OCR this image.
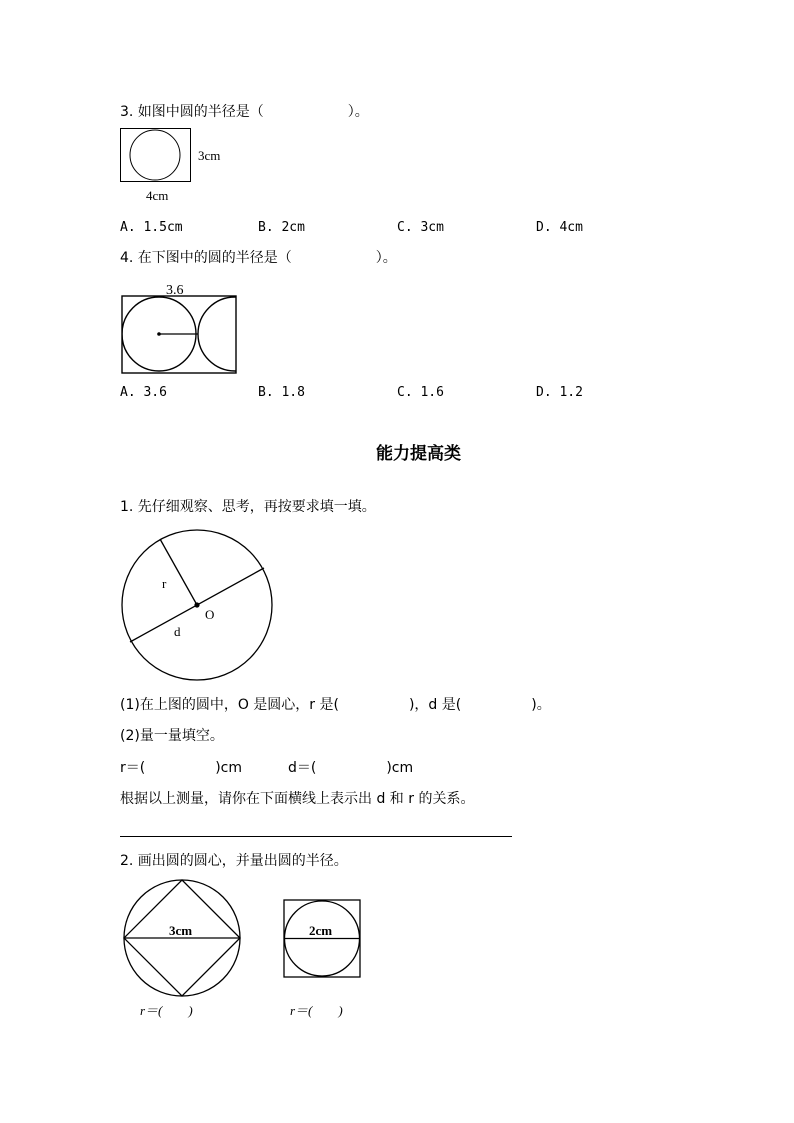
3. 如图中圆的半径是（　　　　　　）。
3cm
4cm
A. 1.5cm	B. 2cm	C. 3cm	D. 4cm
4. 在下图中的圆的半径是（　　　　　　）。
3.6
A. 3.6	B. 1.8	C. 1.6	D. 1.2
能力提高类
1. 先仔细观察、思考，再按要求填一填。
r
O
d
(1)在上图的圆中，O 是圆心，r 是(　　　　　)，d 是(　　　　　)。
(2)量一量填空。
r＝(　　　　　)cm	d＝(　　　　　)cm
根据以上测量，请你在下面横线上表示出 d 和 r 的关系。
2. 画出圆的圆心，并量出圆的半径。
3cm	2cm
r＝(　　)	r＝(　　)
